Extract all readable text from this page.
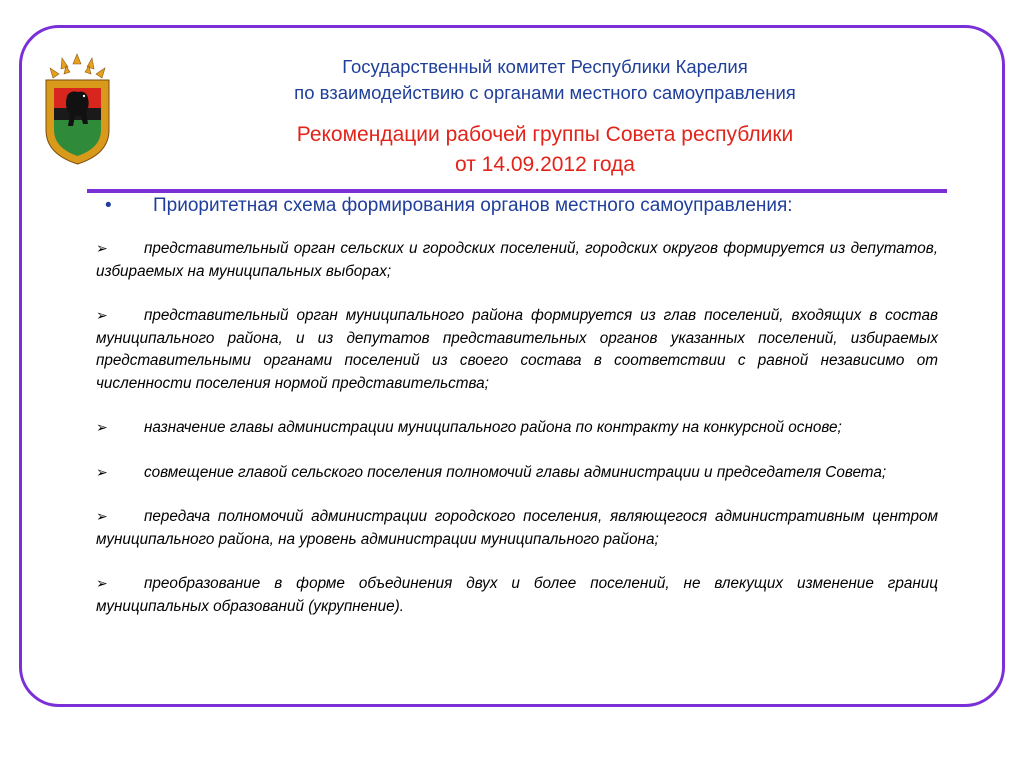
Государственный комитет Республики Карелия
по взаимодействию с органами местного самоуправления
Рекомендации рабочей группы Совета республики
от 14.09.2012 года
• Приоритетная схема формирования органов местного самоуправления:
➢ представительный орган сельских и городских поселений, городских округов формируется из депутатов, избираемых на муниципальных выборах;
➢ представительный орган муниципального района формируется из глав поселений, входящих в состав муниципального района, и из депутатов представительных органов указанных поселений, избираемых представительными органами поселений из своего состава в соответствии с равной независимо от численности поселения нормой представительства;
➢ назначение главы администрации муниципального района по контракту на конкурсной основе;
➢ совмещение главой сельского поселения полномочий главы администрации и председателя Совета;
➢ передача полномочий администрации городского поселения, являющегося административным центром муниципального района, на уровень администрации муниципального района;
➢ преобразование в форме объединения двух и более поселений, не влекущих изменение границ муниципальных образований (укрупнение).
